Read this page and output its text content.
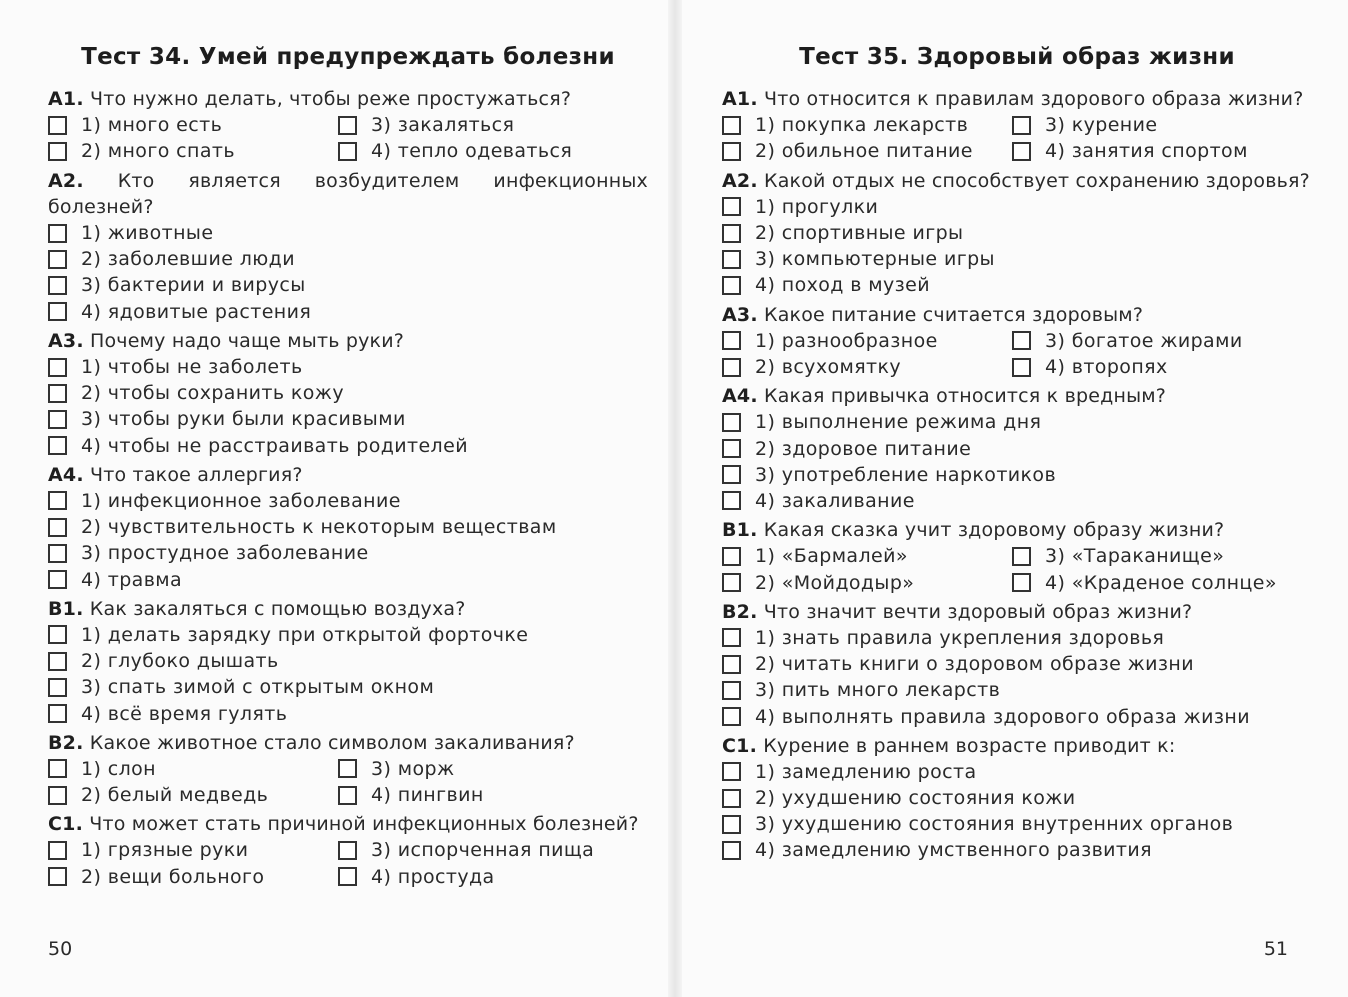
Тест 34. Умей предупреждать болезни

А1. Что нужно делать, чтобы реже простужаться?

1) много есть	3) закаляться
2) много спать	4) тепло одеваться

А2. Кто является возбудителем инфекционных болезней?

1) животные
2) заболевшие люди
3) бактерии и вирусы
4) ядовитые растения

А3. Почему надо чаще мыть руки?

1) чтобы не заболеть
2) чтобы сохранить кожу
3) чтобы руки были красивыми
4) чтобы не расстраивать родителей

А4. Что такое аллергия?

1) инфекционное заболевание
2) чувствительность к некоторым веществам
3) простудное заболевание
4) травма

В1. Как закаляться с помощью воздуха?

1) делать зарядку при открытой форточке
2) глубоко дышать
3) спать зимой с открытым окном
4) всё время гулять

В2. Какое животное стало символом закаливания?

1) слон	3) морж
2) белый медведь	4) пингвин

С1. Что может стать причиной инфекционных болезней?

1) грязные руки	3) испорченная пища
2) вещи больного	4) простуда
50
Тест 35. Здоровый образ жизни

А1. Что относится к правилам здорового образа жизни?

1) покупка лекарств	3) курение
2) обильное питание	4) занятия спортом

А2. Какой отдых не способствует сохранению здоровья?

1) прогулки
2) спортивные игры
3) компьютерные игры
4) поход в музей

А3. Какое питание считается здоровым?

1) разнообразное	3) богатое жирами
2) всухомятку	4) второпях

А4. Какая привычка относится к вредным?

1) выполнение режима дня
2) здоровое питание
3) употребление наркотиков
4) закаливание

В1. Какая сказка учит здоровому образу жизни?

1) «Бармалей»	3) «Тараканище»
2) «Мойдодыр»	4) «Краденое солнце»

В2. Что значит вечти здоровый образ жизни?

1) знать правила укрепления здоровья
2) читать книги о здоровом образе жизни
3) пить много лекарств
4) выполнять правила здорового образа жизни

С1. Курение в раннем возрасте приводит к:

1) замедлению роста
2) ухудшению состояния кожи
3) ухудшению состояния внутренних органов
4) замедлению умственного развития
51
